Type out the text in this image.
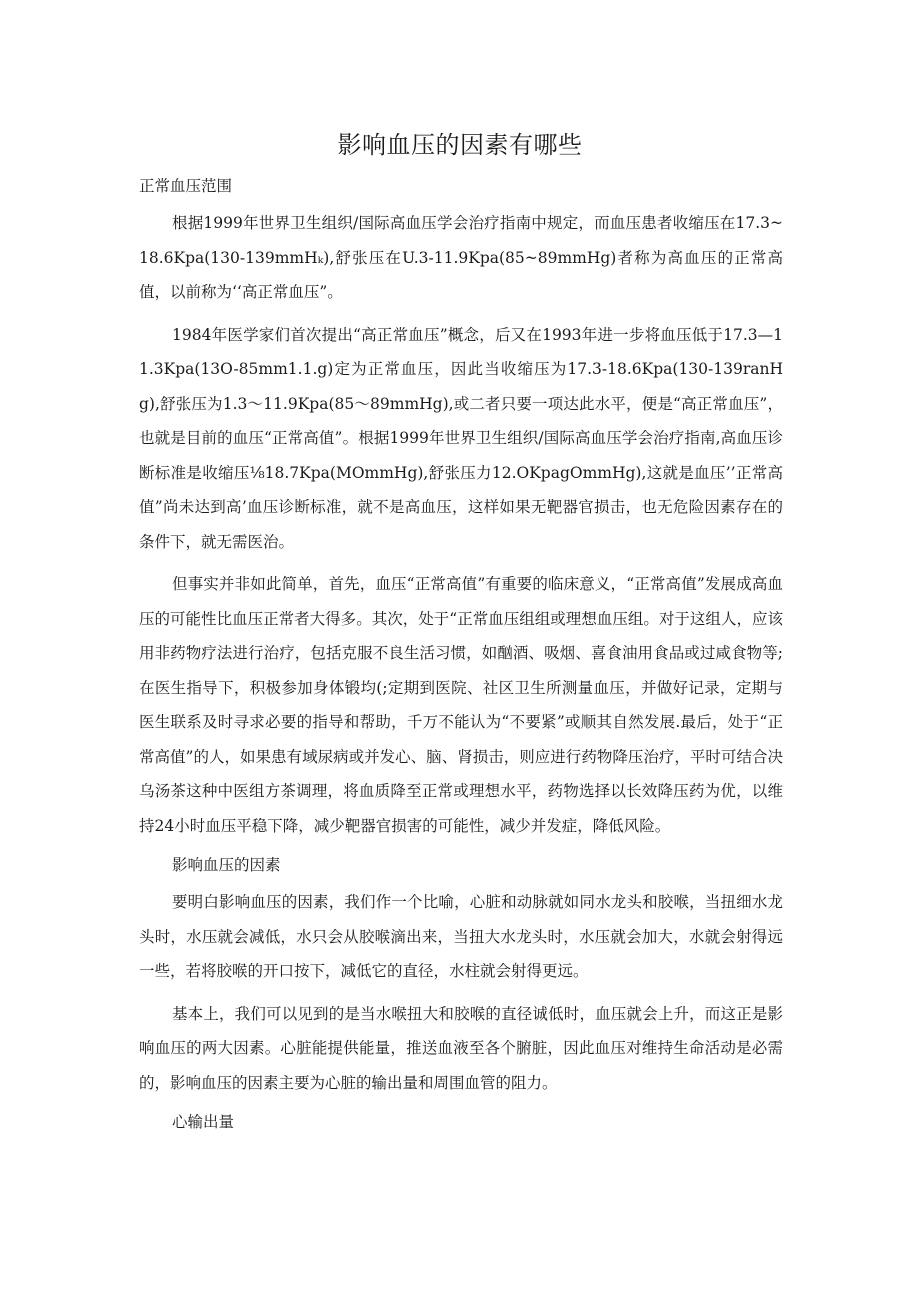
影响血压的因素有哪些

正常血压范围

根据1999年世界卫生组织/国际高血压学会治疗指南中规定，而血压患者收缩压在17.3~18.6Kpa(130-139mmHₖ),舒张压在U.3-11.9Kpa(85~89mmHg)者称为高血压的正常高值，以前称为‘‘高正常血压”。

1984年医学家们首次提出“高正常血压”概念，后又在1993年进一步将血压低于17.3—11.3Kpa(13O-85mm1.1.g)定为正常血压，因此当收缩压为17.3-18.6Kpa(130-139ranHg),舒张压为1.3～11.9Kpa(85～89mmHg),或二者只要一项达此水平，便是“高正常血压”，也就是目前的血压“正常高值”。根据1999年世界卫生组织/国际高血压学会治疗指南,高血压诊断标准是收缩压⅛18.7Kpa(MOmmHg),舒张压力12.OKpagOmmHg),这就是血压’’正常高值”尚未达到高’血压诊断标准，就不是高血压，这样如果无靶器官损击，也无危险因素存在的条件下，就无需医治。

但事实并非如此简单，首先，血压“正常高值”有重要的临床意义，“正常高值”发展成高血压的可能性比血压正常者大得多。其次，处于“正常血压组组或理想血压组。对于这组人，应该用非药物疗法进行治疗，包括克服不良生活习惯，如酗酒、吸烟、喜食油用食品或过咸食物等;在医生指导下，积极参加身体锻均(;定期到医院、社区卫生所测量血压，并做好记录，定期与医生联系及时寻求必要的指导和帮助，千万不能认为“不要紧”或顺其自然发展.最后，处于“正常高值”的人，如果患有域尿病或并发心、脑、肾损击，则应进行药物降压治疗，平时可结合决乌汤茶这种中医组方茶调理，将血质降至正常或理想水平，药物选择以长效降压药为优，以维持24小时血压平稳下降，减少靶器官损害的可能性，减少并发症，降低风险。

影响血压的因素

要明白影响血压的因素，我们作一个比喻，心脏和动脉就如同水龙头和胶喉，当扭细水龙头时，水压就会减低，水只会从胶喉滴出来，当扭大水龙头时，水压就会加大，水就会射得远一些，若将胶喉的开口按下，减低它的直径，水柱就会射得更远。

基本上，我们可以见到的是当水喉扭大和胶喉的直径诚低时，血压就会上升，而这正是影响血压的两大因素。心脏能提供能量，推送血液至各个腑脏，因此血压对维持生命活动是必需的，影响血压的因素主要为心脏的输出量和周围血管的阻力。

心输出量
